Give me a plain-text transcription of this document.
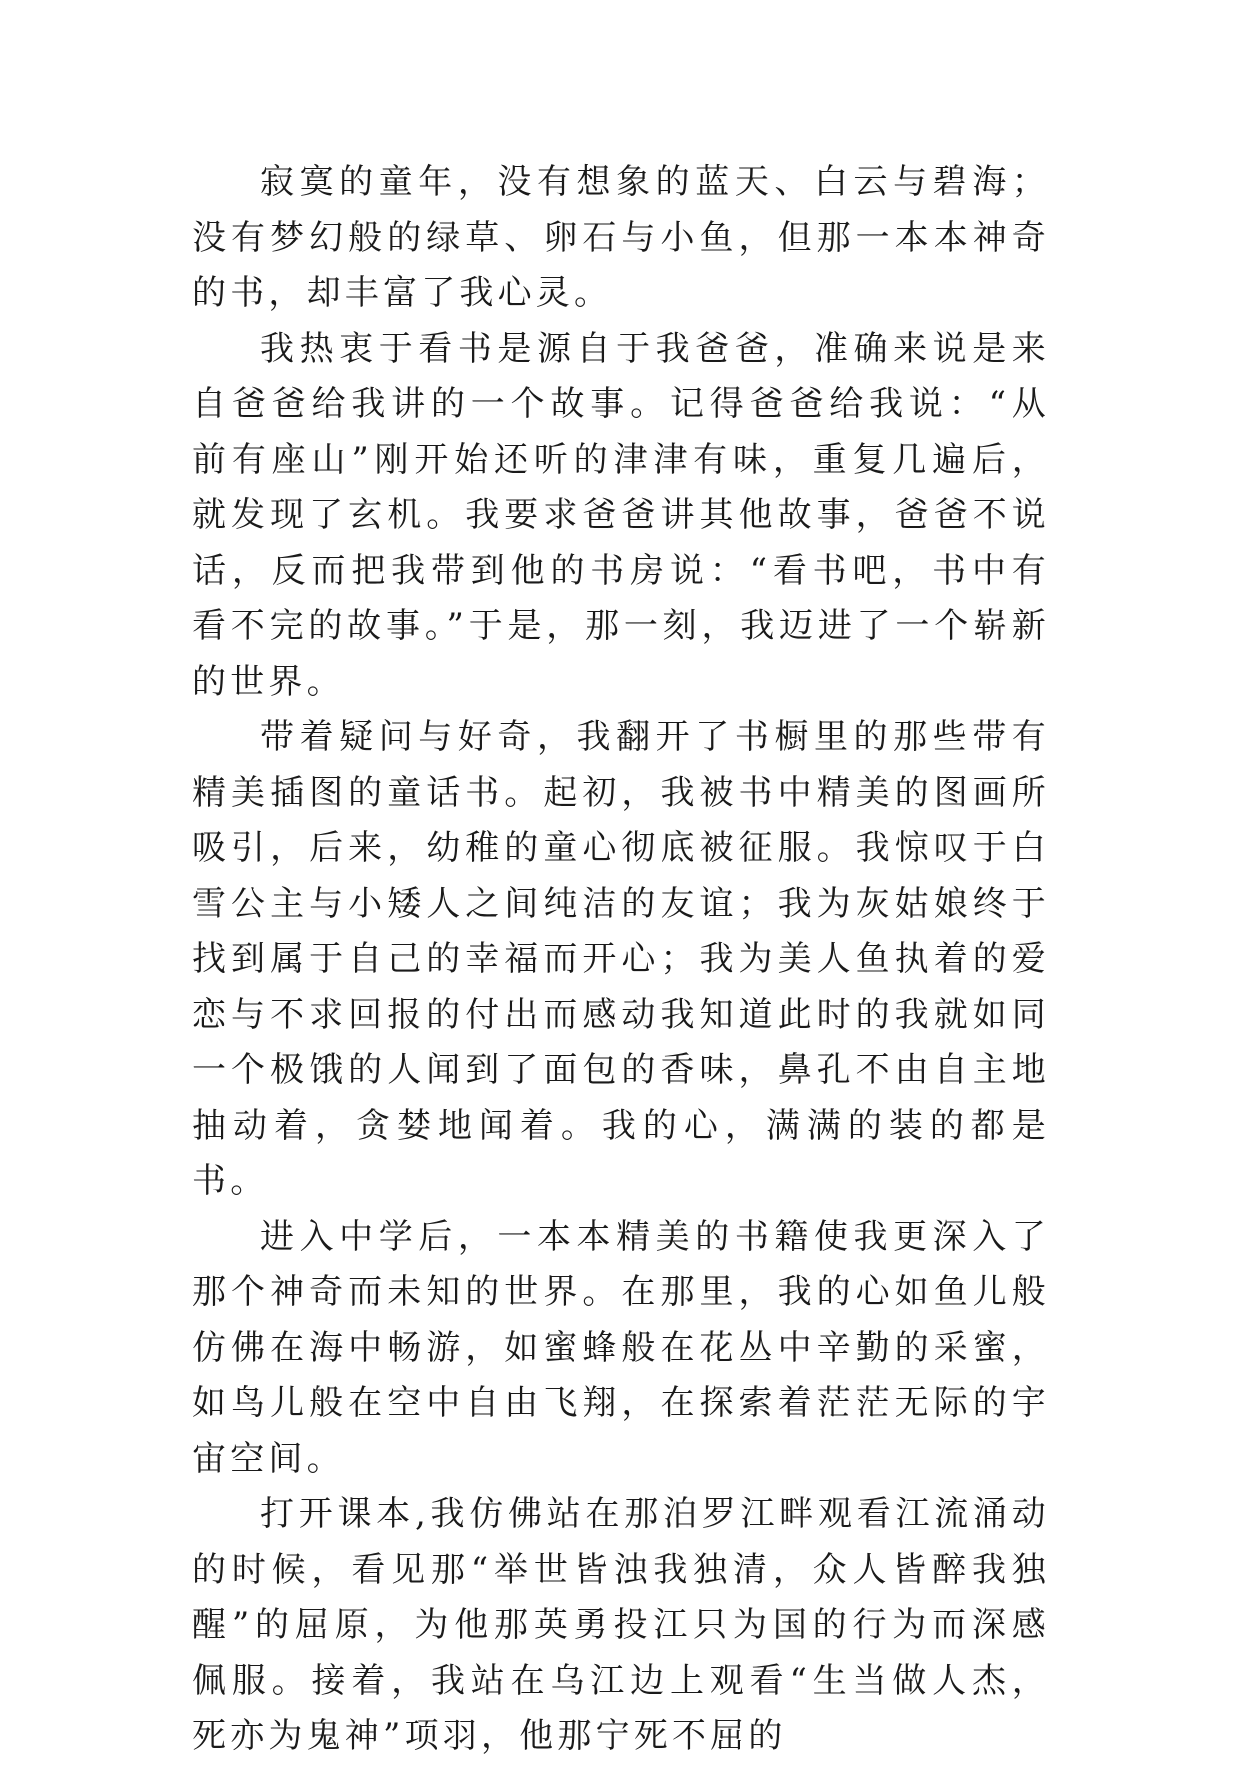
寂寞的童年，没有想象的蓝天、白云与碧海；没有梦幻般的绿草、卵石与小鱼，但那一本本神奇的书，却丰富了我心灵。

我热衷于看书是源自于我爸爸，准确来说是来自爸爸给我讲的一个故事。记得爸爸给我说：“从前有座山”刚开始还听的津津有味，重复几遍后，就发现了玄机。我要求爸爸讲其他故事，爸爸不说话，反而把我带到他的书房说：“看书吧，书中有看不完的故事。”于是，那一刻，我迈进了一个崭新的世界。

带着疑问与好奇，我翻开了书橱里的那些带有精美插图的童话书。起初，我被书中精美的图画所吸引，后来，幼稚的童心彻底被征服。我惊叹于白雪公主与小矮人之间纯洁的友谊；我为灰姑娘终于找到属于自己的幸福而开心；我为美人鱼执着的爱恋与不求回报的付出而感动我知道此时的我就如同一个极饿的人闻到了面包的香味，鼻孔不由自主地抽动着，贪婪地闻着。我的心，满满的装的都是书。

进入中学后，一本本精美的书籍使我更深入了那个神奇而未知的世界。在那里，我的心如鱼儿般仿佛在海中畅游，如蜜蜂般在花丛中辛勤的采蜜，如鸟儿般在空中自由飞翔，在探索着茫茫无际的宇宙空间。

打开课本,我仿佛站在那泊罗江畔观看江流涌动的时候，看见那“举世皆浊我独清，众人皆醉我独醒”的屈原，为他那英勇投江只为国的行为而深感佩服。接着，我站在乌江边上观看“生当做人杰，死亦为鬼神”项羽，他那宁死不屈的
